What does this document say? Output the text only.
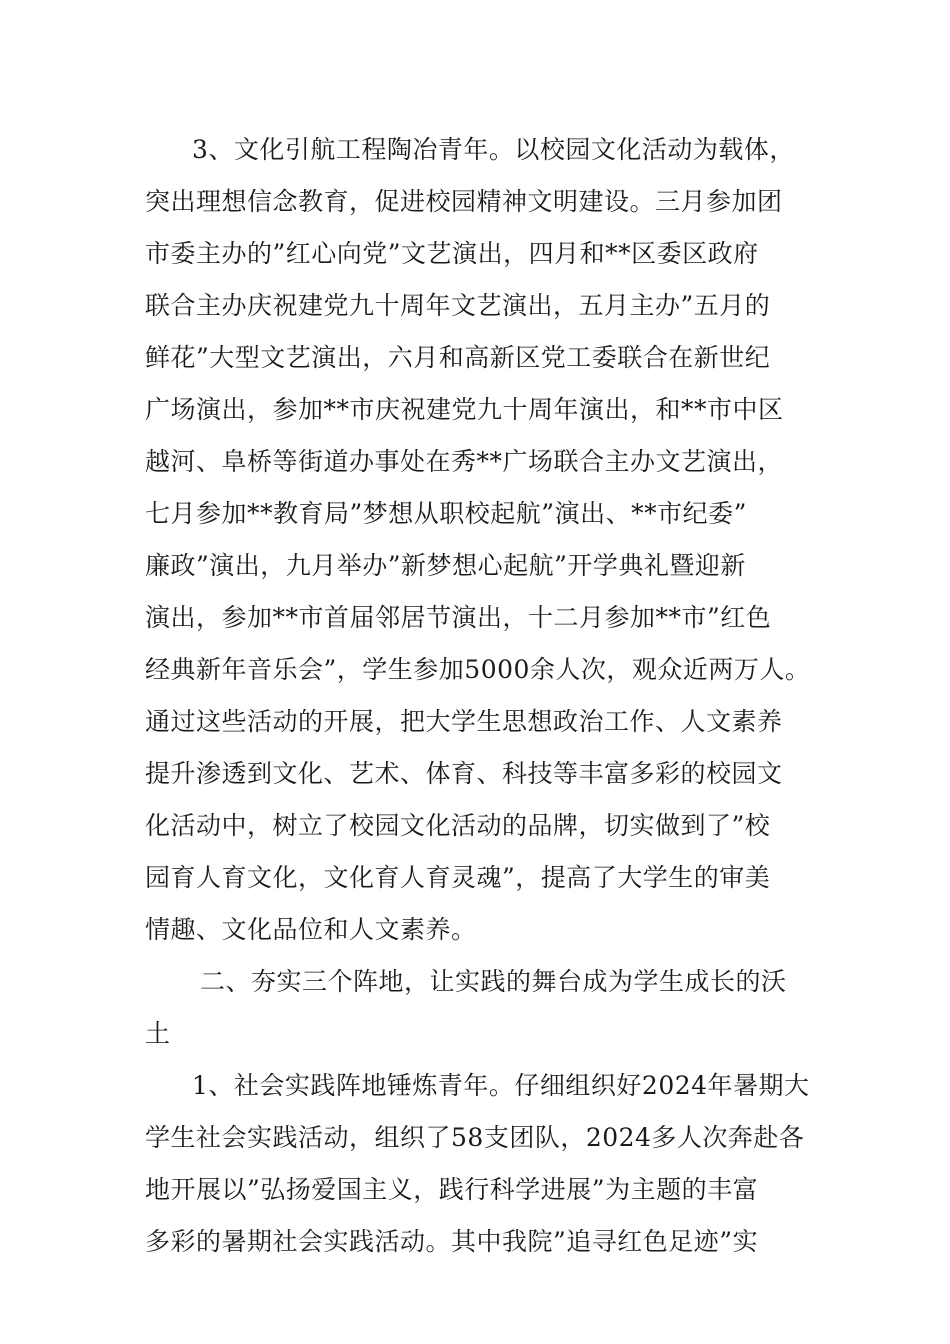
3、文化引航工程陶冶青年。以校园文化活动为载体，
突出理想信念教育，促进校园精神文明建设。三月参加团
市委主办的”红心向党”文艺演出，四月和**区委区政府
联合主办庆祝建党九十周年文艺演出，五月主办”五月的
鲜花”大型文艺演出，六月和高新区党工委联合在新世纪
广场演出，参加**市庆祝建党九十周年演出，和**市中区
越河、阜桥等街道办事处在秀**广场联合主办文艺演出，
七月参加**教育局”梦想从职校起航”演出、**市纪委”
廉政”演出，九月举办”新梦想心起航”开学典礼暨迎新
演出，参加**市首届邻居节演出，十二月参加**市”红色
经典新年音乐会”，学生参加5000余人次，观众近两万人。
通过这些活动的开展，把大学生思想政治工作、人文素养
提升渗透到文化、艺术、体育、科技等丰富多彩的校园文
化活动中，树立了校园文化活动的品牌，切实做到了”校
园育人育文化，文化育人育灵魂”，提高了大学生的审美
情趣、文化品位和人文素养。
二、夯实三个阵地，让实践的舞台成为学生成长的沃
土
1、社会实践阵地锤炼青年。仔细组织好2024年暑期大
学生社会实践活动，组织了58支团队，2024多人次奔赴各
地开展以”弘扬爱国主义，践行科学进展”为主题的丰富
多彩的暑期社会实践活动。其中我院”追寻红色足迹”实
